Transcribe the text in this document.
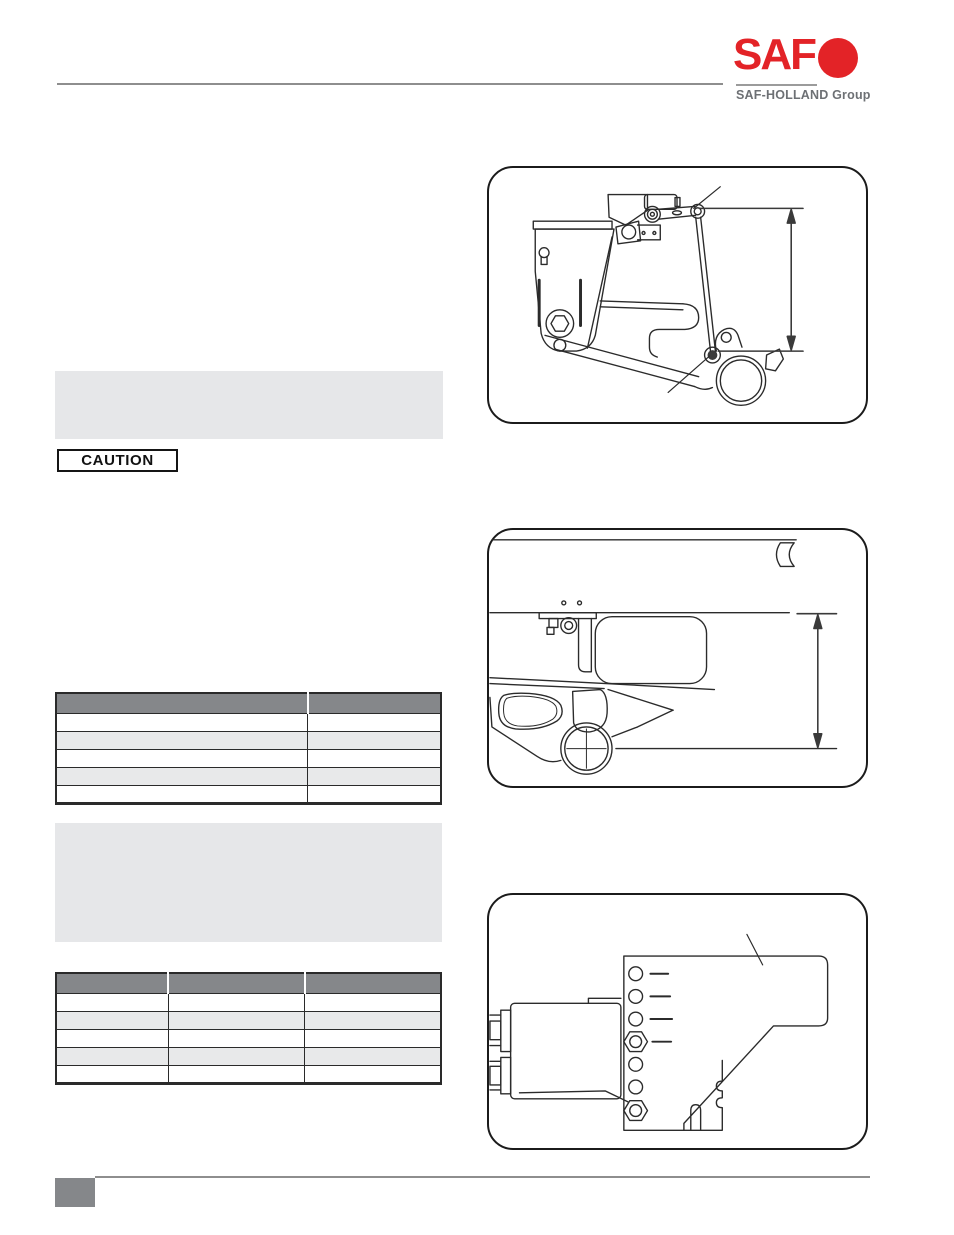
SAF
SAF-HOLLAND Group
CAUTION
